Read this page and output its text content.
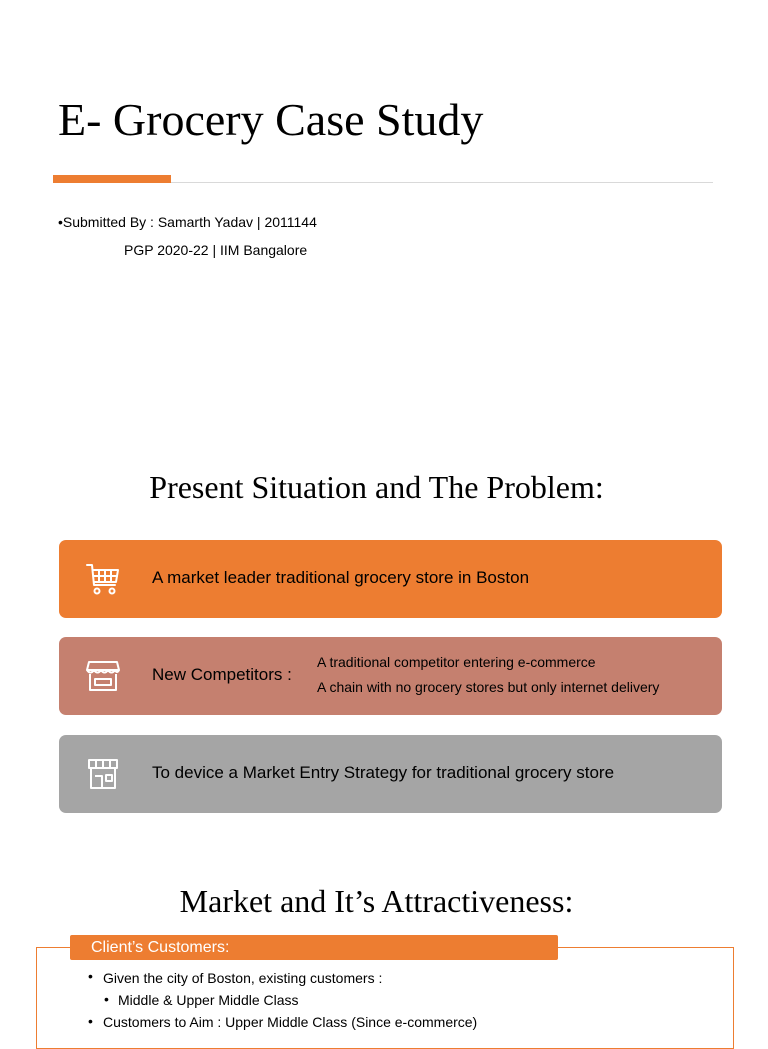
E- Grocery Case Study
•Submitted By : Samarth Yadav | 2011144
PGP 2020-22 | IIM Bangalore
Present Situation and The Problem:
A market leader traditional grocery store in Boston
New Competitors :
A traditional competitor entering e-commerce
A chain with no grocery stores but only internet delivery
To device a Market Entry Strategy for traditional grocery store
Market and It’s Attractiveness:
Client’s Customers:
• Given the city of Boston, existing customers :
• Middle & Upper Middle Class
• Customers to Aim : Upper Middle Class (Since e-commerce)
